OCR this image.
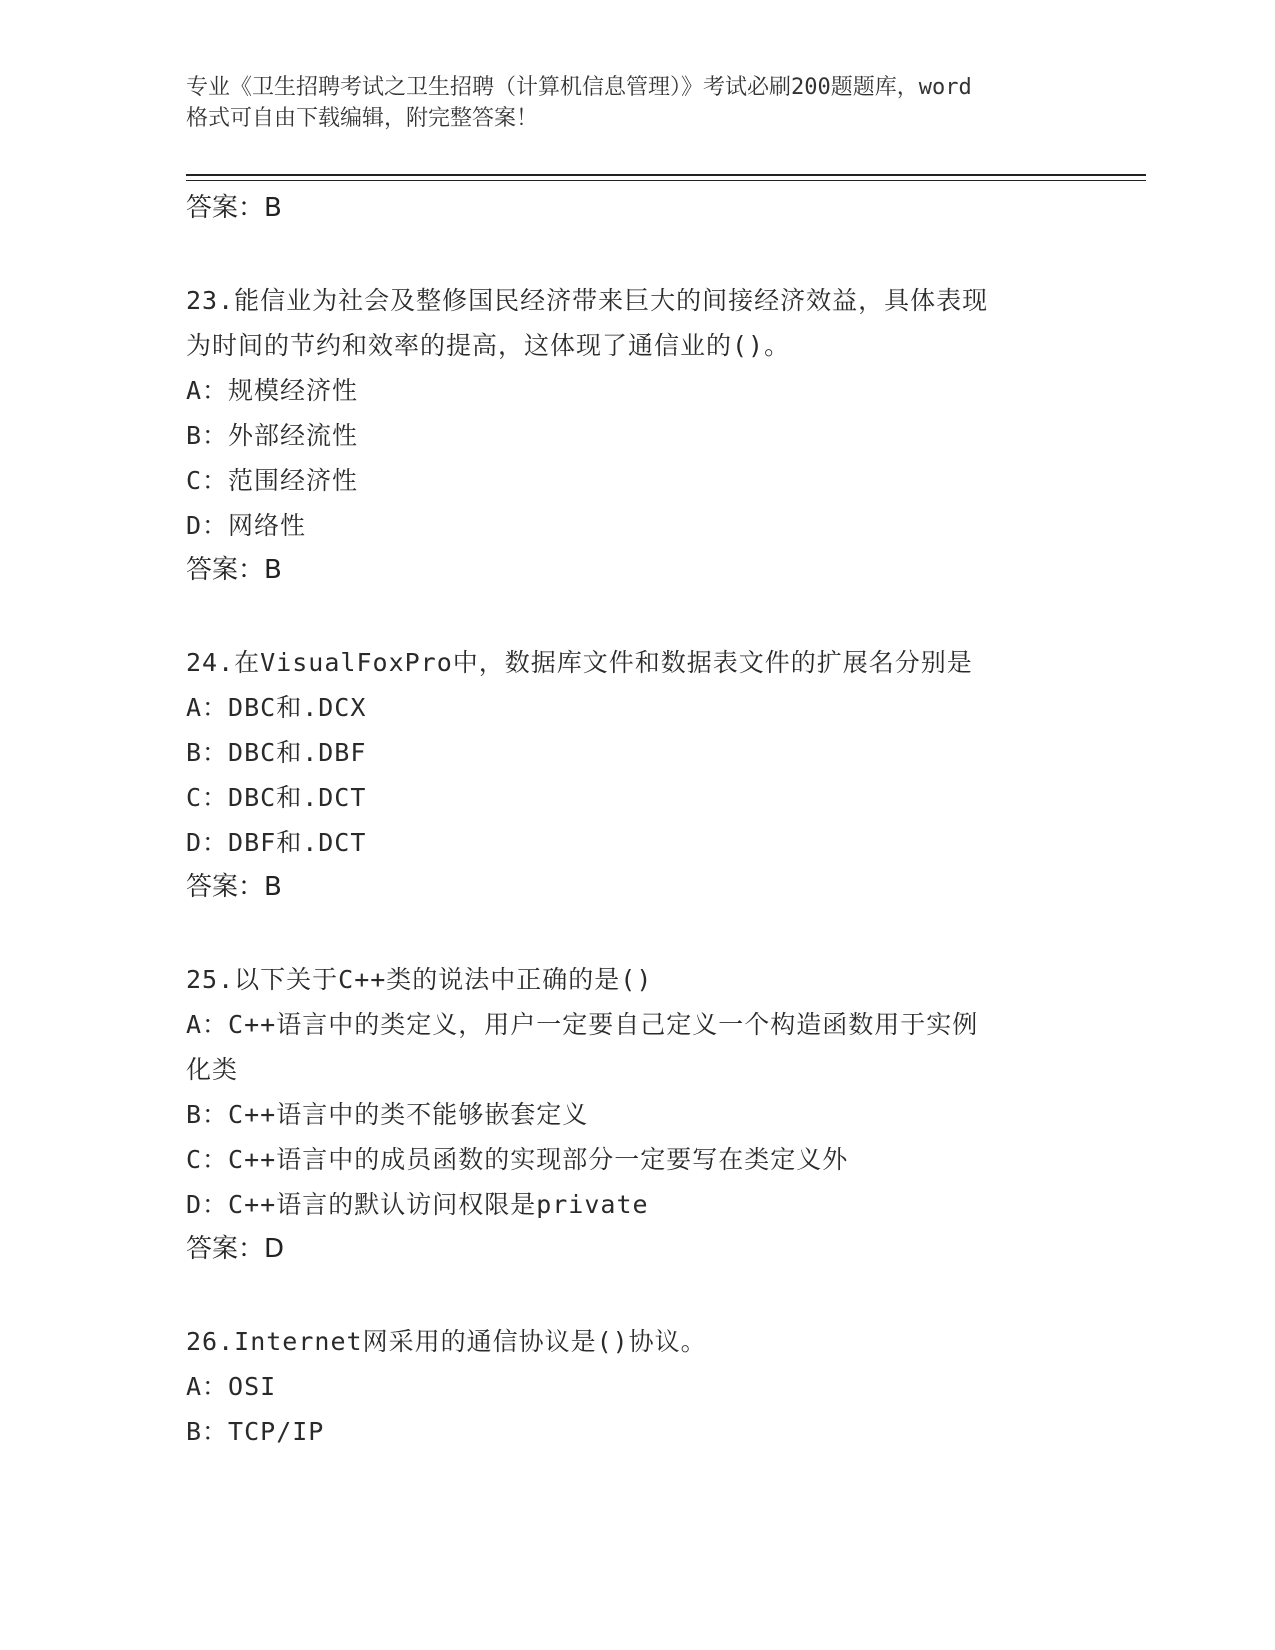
专业《卫生招聘考试之卫生招聘（计算机信息管理）》考试必刷200题题库，word
格式可自由下载编辑，附完整答案！

答案：B

23.能信业为社会及整修国民经济带来巨大的间接经济效益，具体表现

为时间的节约和效率的提高，这体现了通信业的()。

A：规模经济性

B：外部经流性

C：范围经济性

D：网络性

答案：B

24.在VisualFoxPro中，数据库文件和数据表文件的扩展名分别是

A：DBC和.DCX

B：DBC和.DBF

C：DBC和.DCT

D：DBF和.DCT

答案：B

25.以下关于C++类的说法中正确的是()

A：C++语言中的类定义，用户一定要自己定义一个构造函数用于实例

化类

B：C++语言中的类不能够嵌套定义

C：C++语言中的成员函数的实现部分一定要写在类定义外

D：C++语言的默认访问权限是private

答案：D

26.Internet网采用的通信协议是()协议。

A：OSI

B：TCP/IP
